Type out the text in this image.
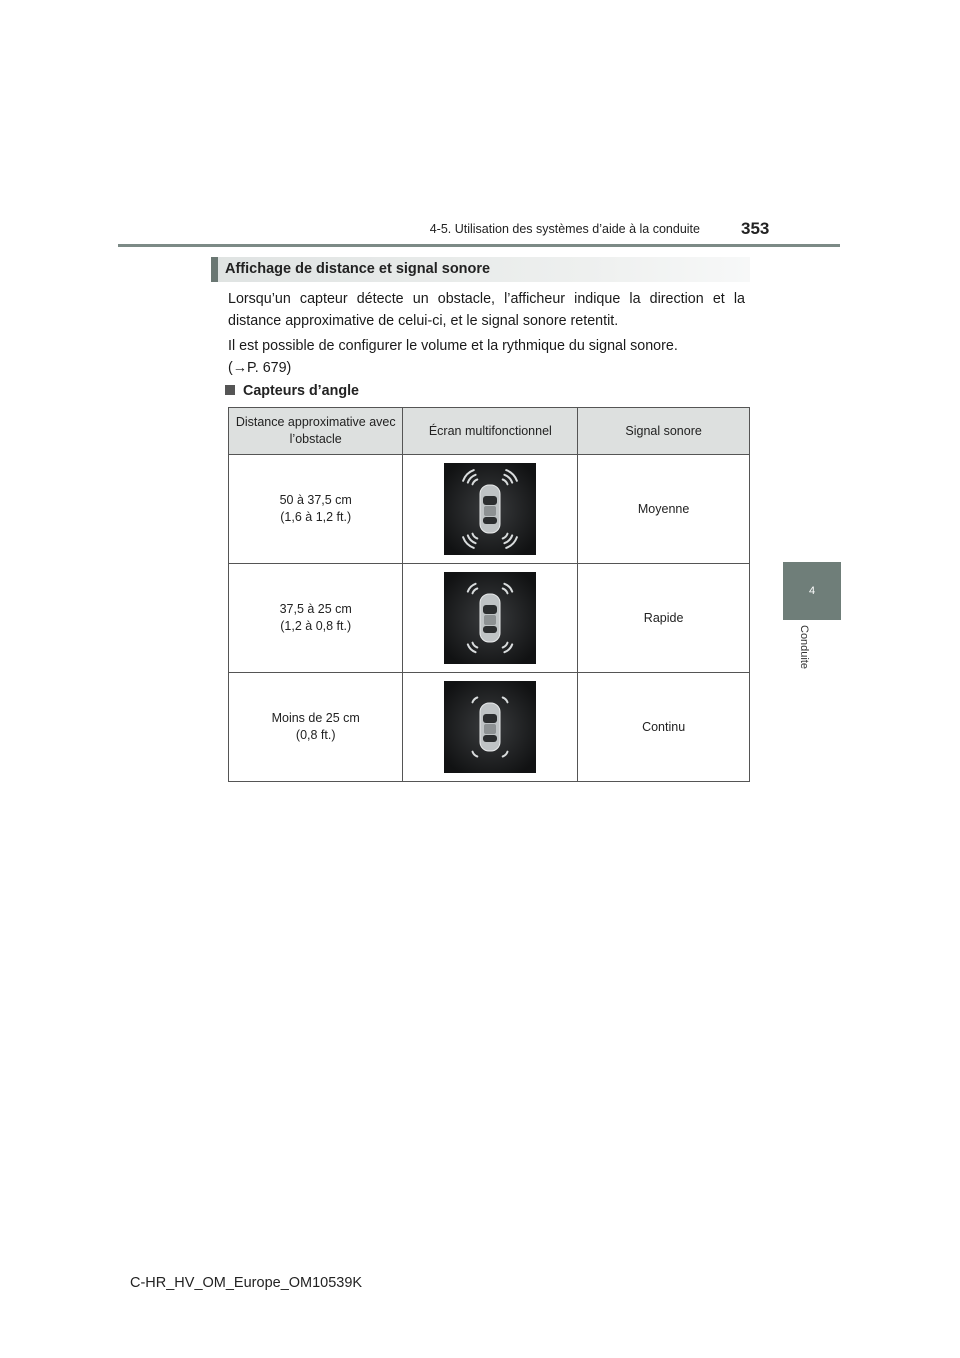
4-5. Utilisation des systèmes d’aide à la conduite 353
4
Conduite
Affichage de distance et signal sonore
Lorsqu’un capteur détecte un obstacle, l’afficheur indique la direction et la distance approximative de celui-ci, et le signal sonore retentit.
Il est possible de configurer le volume et la rythmique du signal sonore.
(→P. 679)
Capteurs d’angle
Distance approximative avec l’obstacle	Écran multifonctionnel	Signal sonore

50 à 37,5 cm
(1,6 à 1,2 ft.)		Moyenne

37,5 à 25 cm
(1,2 à 0,8 ft.)		Rapide

Moins de 25 cm
(0,8 ft.)		Continu
C-HR_HV_OM_Europe_OM10539K
